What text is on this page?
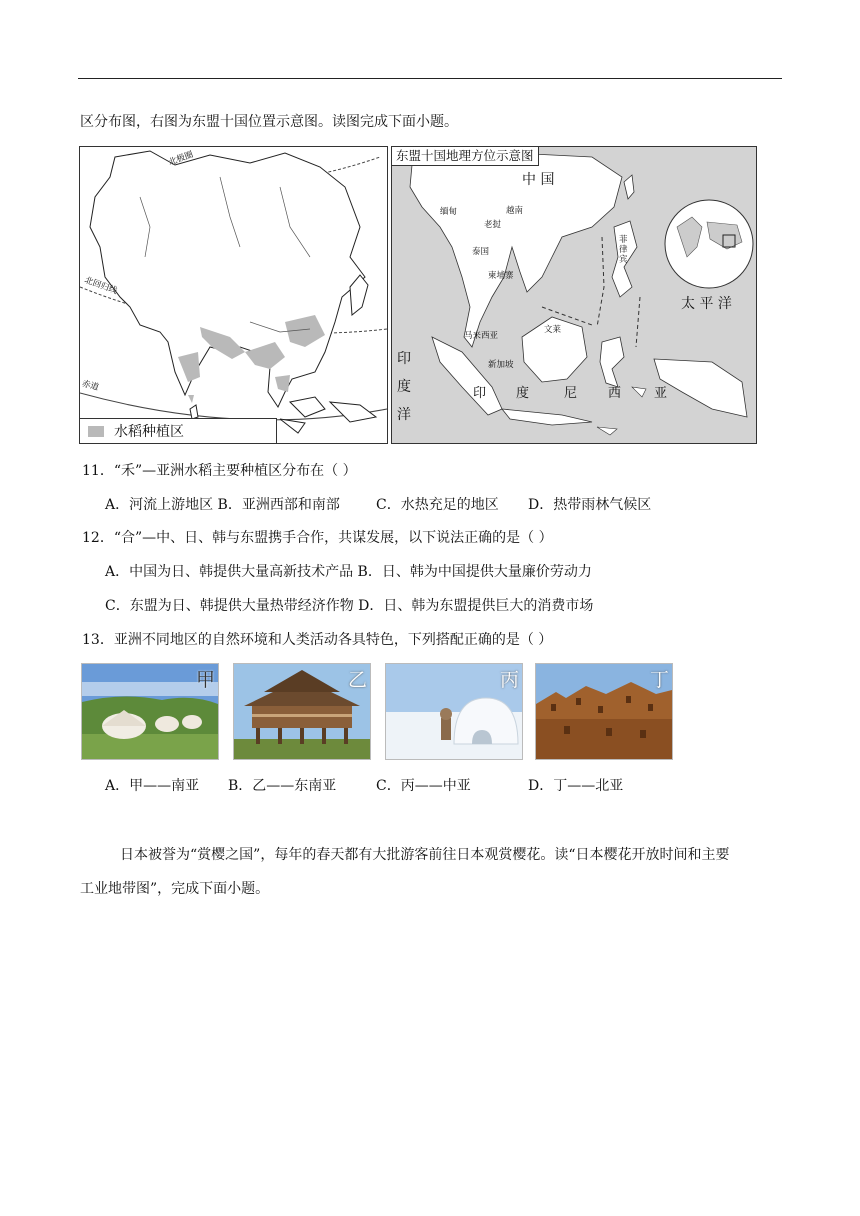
区分布图，右图为东盟十国位置示意图。读图完成下面小题。
北极圈
北回归线
赤道
水稻种植区
东盟十国地理方位示意图
中 国
缅甸	越南
老挝
泰国
柬埔寨
菲律宾
太 平 洋
马来西亚
文莱
新加坡
印度洋
印 度	尼 西	亚
11．“禾”—亚洲水稻主要种植区分布在（ ）
A．河流上游地区 B．亚洲西部和南部	C．水热充足的地区 D．热带雨林气候区
12．“合”—中、日、韩与东盟携手合作，共谋发展，以下说法正确的是（ ）
A．中国为日、韩提供大量高新技术产品 B．日、韩为中国提供大量廉价劳动力
C．东盟为日、韩提供大量热带经济作物 D．日、韩为东盟提供巨大的消费市场
13．亚洲不同地区的自然环境和人类活动各具特色，下列搭配正确的是（ ）
甲	乙	丙	丁
A．甲——南亚 B．乙——东南亚	C．丙——中亚	D．丁——北亚
日本被誉为“赏樱之国”，每年的春天都有大批游客前往日本观赏樱花。读“日本樱花开放时间和主要
工业地带图”，完成下面小题。
